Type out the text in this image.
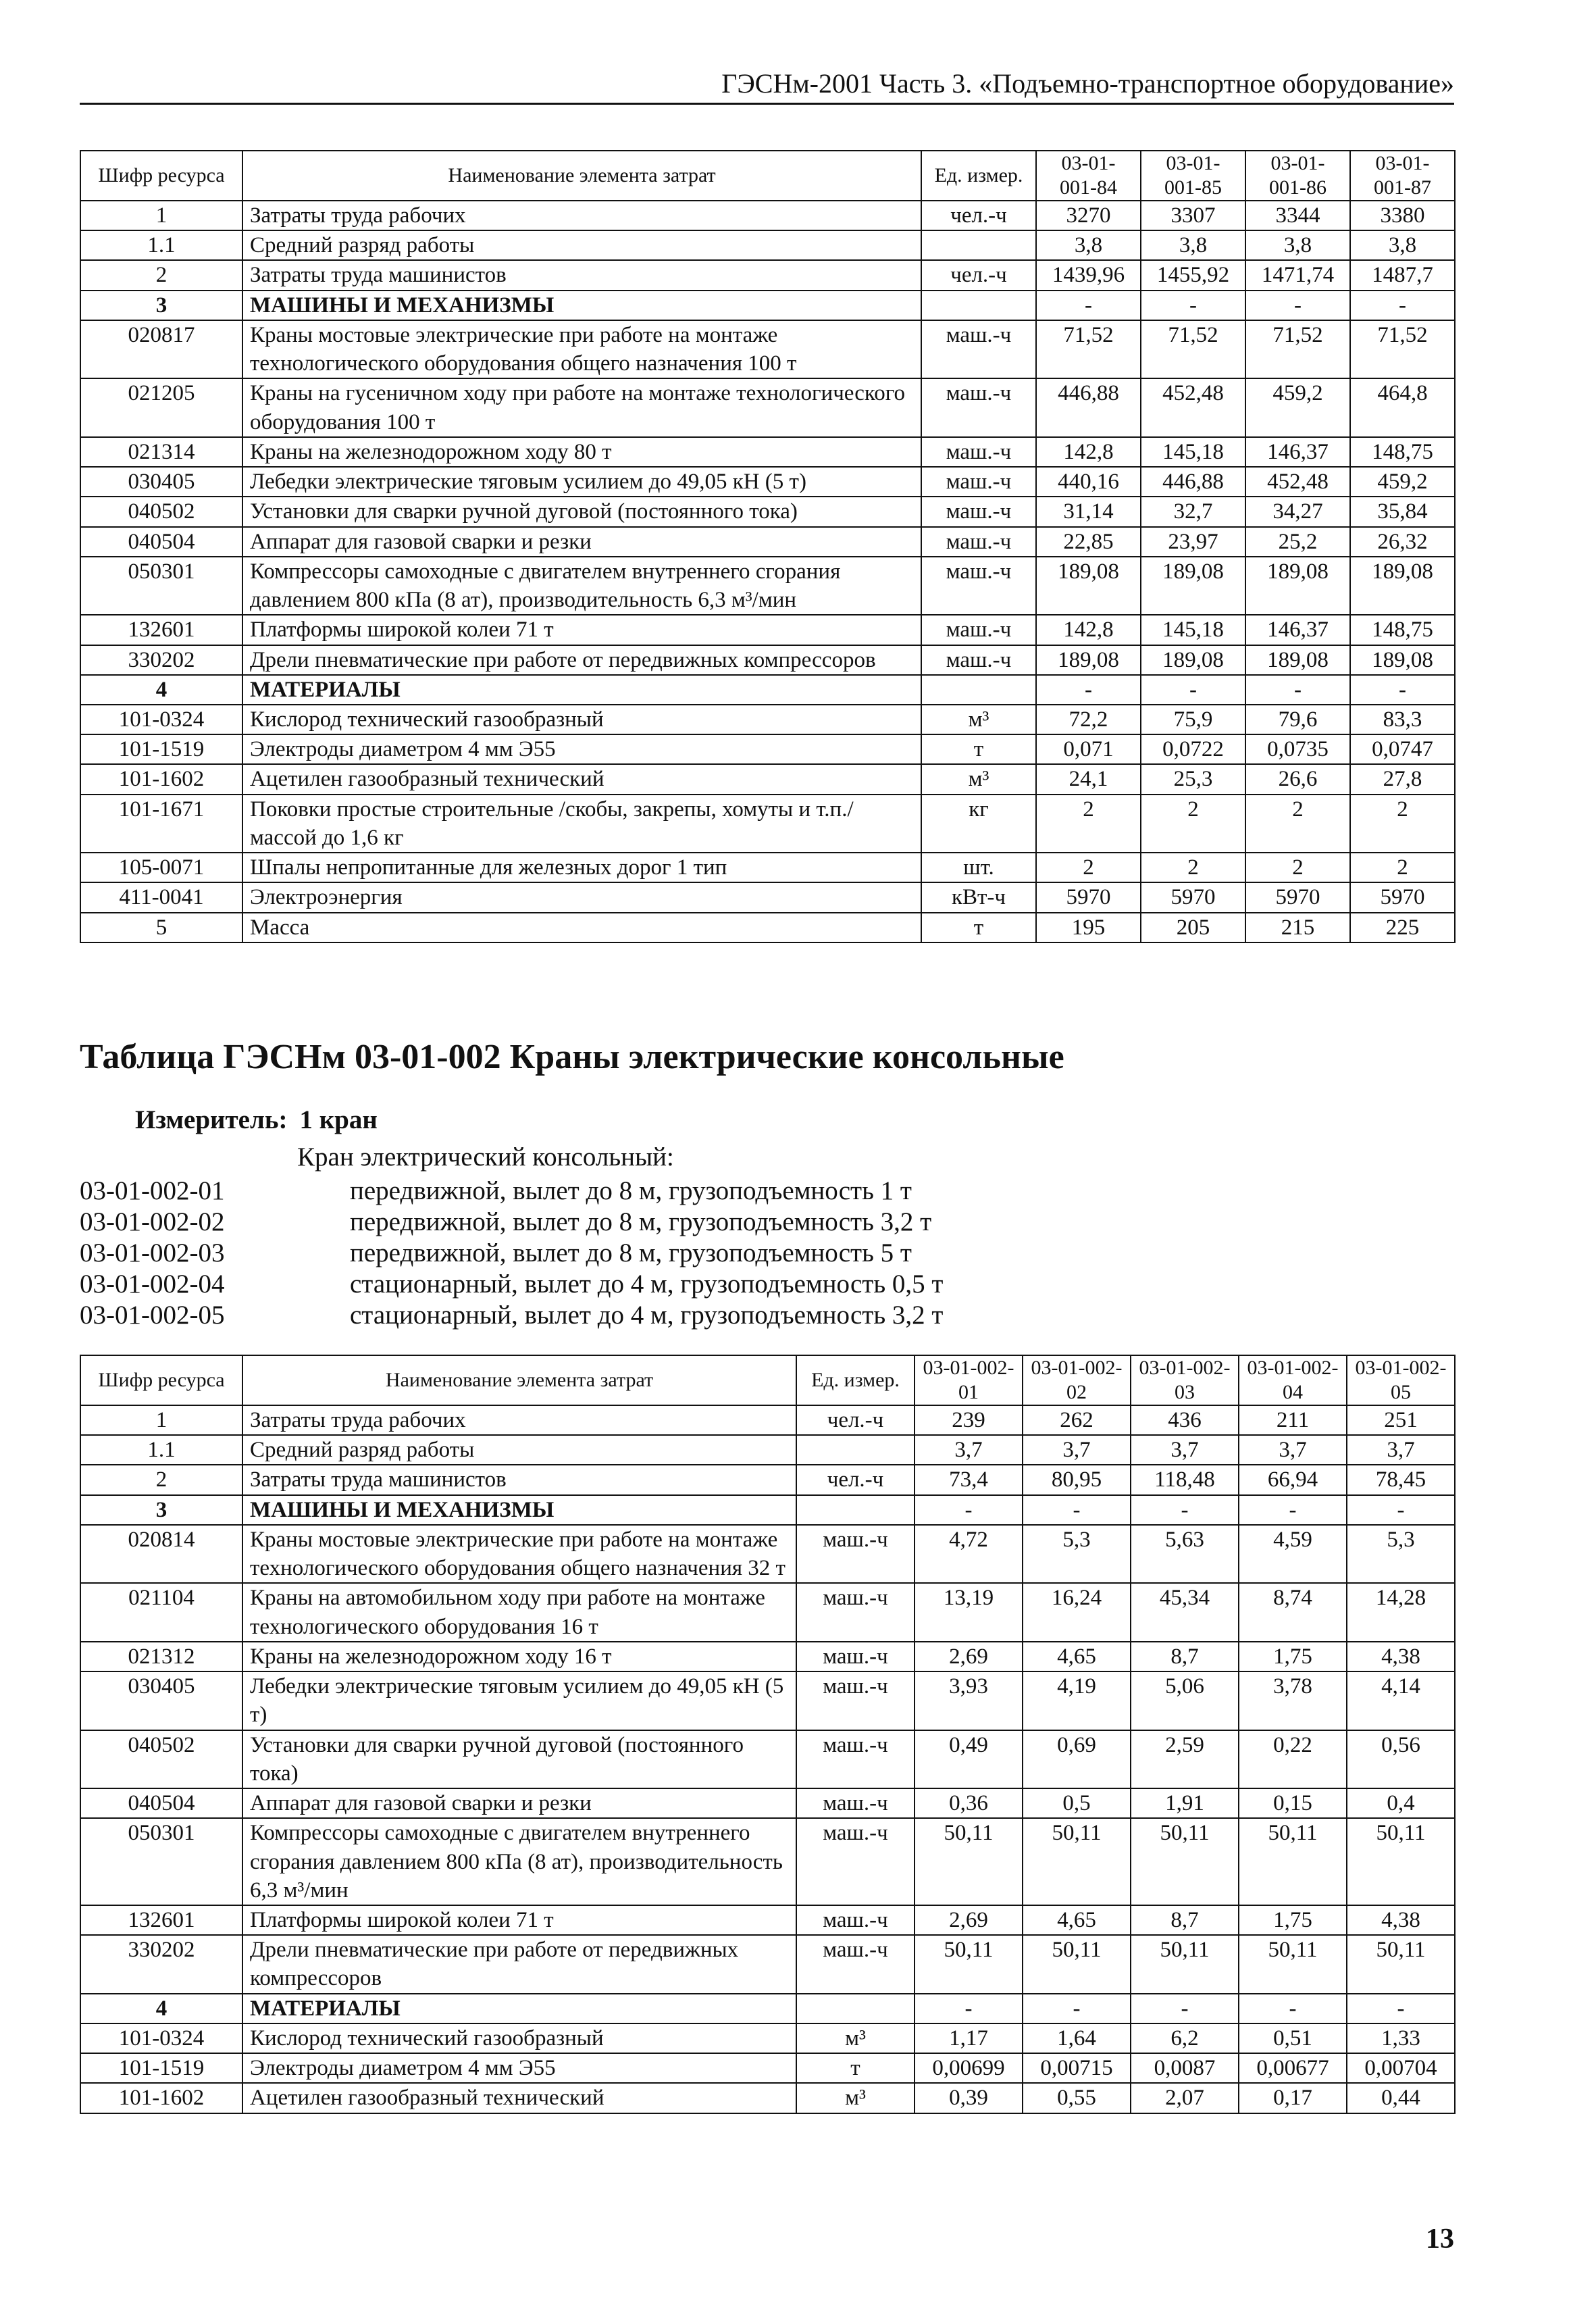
ГЭСНм-2001 Часть 3. «Подъемно-транспортное оборудование»
Шифр ресурса	Наименование элемента затрат	Ед. измер.	03-01-001-84	03-01-001-85	03-01-001-86	03-01-001-87
1	Затраты труда рабочих	чел.-ч	3270	3307	3344	3380
1.1	Средний разряд работы		3,8	3,8	3,8	3,8
2	Затраты труда машинистов	чел.-ч	1439,96	1455,92	1471,74	1487,7
3	МАШИНЫ И МЕХАНИЗМЫ		-	-	-	-
020817	Краны мостовые электрические при работе на монтаже технологического оборудования общего назначения 100 т	маш.-ч	71,52	71,52	71,52	71,52
021205	Краны на гусеничном ходу при работе на монтаже технологического оборудования 100 т	маш.-ч	446,88	452,48	459,2	464,8
021314	Краны на железнодорожном ходу 80 т	маш.-ч	142,8	145,18	146,37	148,75
030405	Лебедки электрические тяговым усилием до 49,05 кН (5 т)	маш.-ч	440,16	446,88	452,48	459,2
040502	Установки для сварки ручной дуговой (постоянного тока)	маш.-ч	31,14	32,7	34,27	35,84
040504	Аппарат для газовой сварки и резки	маш.-ч	22,85	23,97	25,2	26,32
050301	Компрессоры самоходные с двигателем внутреннего сгорания давлением 800 кПа (8 ат), производительность 6,3 м³/мин	маш.-ч	189,08	189,08	189,08	189,08
132601	Платформы широкой колеи 71 т	маш.-ч	142,8	145,18	146,37	148,75
330202	Дрели пневматические при работе от передвижных компрессоров	маш.-ч	189,08	189,08	189,08	189,08
4	МАТЕРИАЛЫ		-	-	-	-
101-0324	Кислород технический газообразный	м³	72,2	75,9	79,6	83,3
101-1519	Электроды диаметром 4 мм Э55	т	0,071	0,0722	0,0735	0,0747
101-1602	Ацетилен газообразный технический	м³	24,1	25,3	26,6	27,8
101-1671	Поковки простые строительные /скобы, закрепы, хомуты и т.п./ массой до 1,6 кг	кг	2	2	2	2
105-0071	Шпалы непропитанные для железных дорог 1 тип	шт.	2	2	2	2
411-0041	Электроэнергия	кВт-ч	5970	5970	5970	5970
5	Масса	т	195	205	215	225
Таблица ГЭСНм 03-01-002 Краны электрические консольные
Измеритель: 1 кран
Кран электрический консольный:
03-01-002-01	передвижной, вылет до 8 м, грузоподъемность 1 т
03-01-002-02	передвижной, вылет до 8 м, грузоподъемность 3,2 т
03-01-002-03	передвижной, вылет до 8 м, грузоподъемность 5 т
03-01-002-04	стационарный, вылет до 4 м, грузоподъемность 0,5 т
03-01-002-05	стационарный, вылет до 4 м, грузоподъемность 3,2 т
Шифр ресурса	Наименование элемента затрат	Ед. измер.	03-01-002-01	03-01-002-02	03-01-002-03	03-01-002-04	03-01-002-05
1	Затраты труда рабочих	чел.-ч	239	262	436	211	251
1.1	Средний разряд работы		3,7	3,7	3,7	3,7	3,7
2	Затраты труда машинистов	чел.-ч	73,4	80,95	118,48	66,94	78,45
3	МАШИНЫ И МЕХАНИЗМЫ		-	-	-	-	-
020814	Краны мостовые электрические при работе на монтаже технологического оборудования общего назначения 32 т	маш.-ч	4,72	5,3	5,63	4,59	5,3
021104	Краны на автомобильном ходу при работе на монтаже технологического оборудования 16 т	маш.-ч	13,19	16,24	45,34	8,74	14,28
021312	Краны на железнодорожном ходу 16 т	маш.-ч	2,69	4,65	8,7	1,75	4,38
030405	Лебедки электрические тяговым усилием до 49,05 кН (5 т)	маш.-ч	3,93	4,19	5,06	3,78	4,14
040502	Установки для сварки ручной дуговой (постоянного тока)	маш.-ч	0,49	0,69	2,59	0,22	0,56
040504	Аппарат для газовой сварки и резки	маш.-ч	0,36	0,5	1,91	0,15	0,4
050301	Компрессоры самоходные с двигателем внутреннего сгорания давлением 800 кПа (8 ат), производительность 6,3 м³/мин	маш.-ч	50,11	50,11	50,11	50,11	50,11
132601	Платформы широкой колеи 71 т	маш.-ч	2,69	4,65	8,7	1,75	4,38
330202	Дрели пневматические при работе от передвижных компрессоров	маш.-ч	50,11	50,11	50,11	50,11	50,11
4	МАТЕРИАЛЫ		-	-	-	-	-
101-0324	Кислород технический газообразный	м³	1,17	1,64	6,2	0,51	1,33
101-1519	Электроды диаметром 4 мм Э55	т	0,00699	0,00715	0,0087	0,00677	0,00704
101-1602	Ацетилен газообразный технический	м³	0,39	0,55	2,07	0,17	0,44
13
